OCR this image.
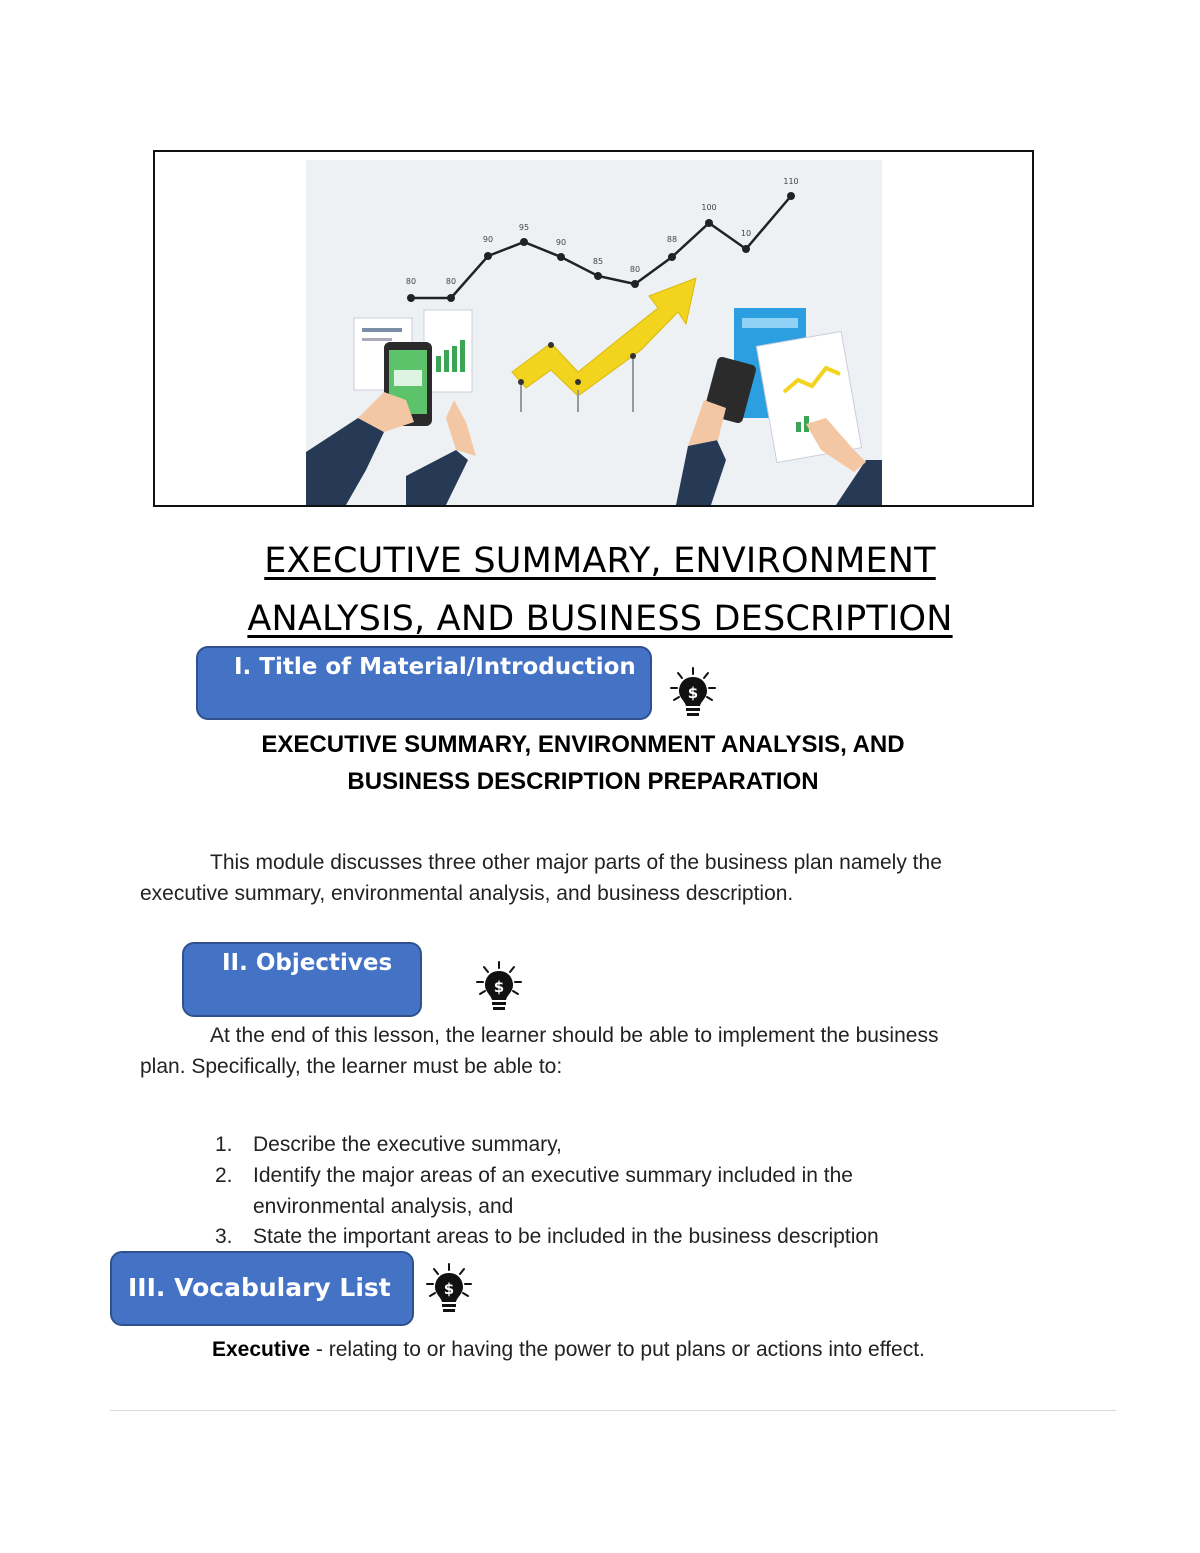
80	80
90
95
90
85
80
88
100
10
110
EXECUTIVE SUMMARY, ENVIRONMENT
ANALYSIS, AND BUSINESS DESCRIPTION
I. Title of Material/Introduction
$

EXECUTIVE SUMMARY, ENVIRONMENT ANALYSIS, AND

BUSINESS DESCRIPTION PREPARATION

This module discusses three other major parts of the business plan namely the
executive summary, environmental analysis, and business description.
II. Objectives
$
At the end of this lesson, the learner should be able to implement the business
plan. Specifically, the learner must be able to:
1. Describe the executive summary,
2. Identify the major areas of an executive summary included in the
environmental analysis, and
3. State the important areas to be included in the business description
III. Vocabulary List	$
Executive - relating to or having the power to put plans or actions into effect.
